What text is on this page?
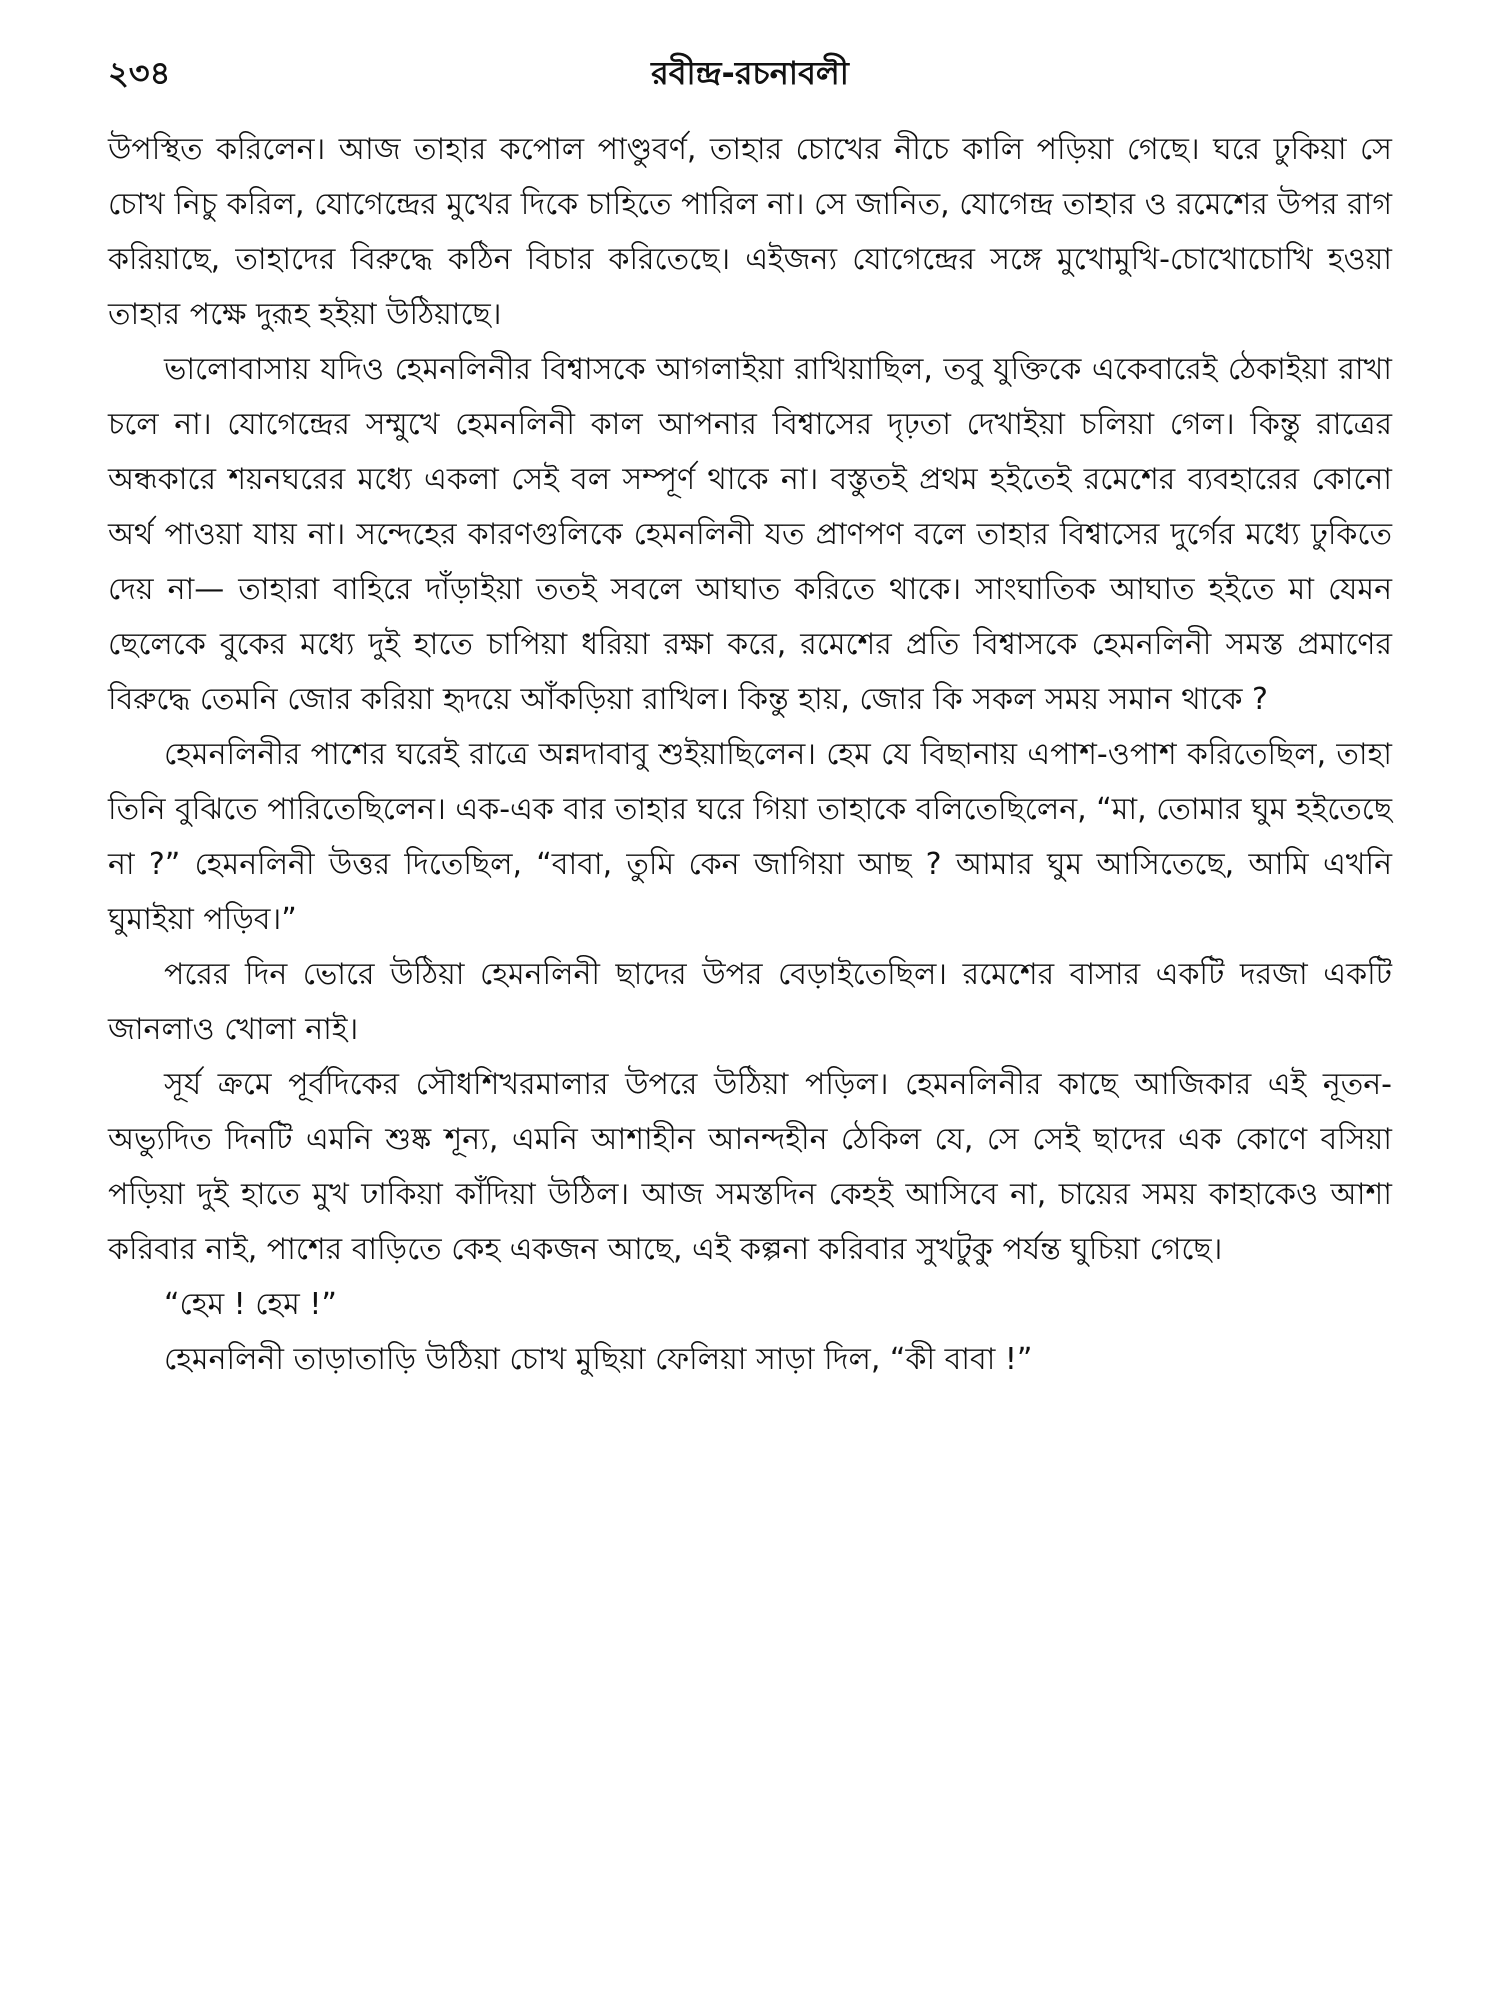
২৩৪	রবীন্দ্র-রচনাবলী

উপস্থিত করিলেন। আজ তাহার কপোল পাণ্ডুবর্ণ, তাহার চোখের নীচে কালি পড়িয়া গেছে। ঘরে ঢুকিয়া সে চোখ নিচু করিল, যোগেন্দ্রের মুখের দিকে চাহিতে পারিল না। সে জানিত, যোগেন্দ্র তাহার ও রমেশের উপর রাগ করিয়াছে, তাহাদের বিরুদ্ধে কঠিন বিচার করিতেছে। এইজন্য যোগেন্দ্রের সঙ্গে মুখোমুখি-চোখোচোখি হওয়া তাহার পক্ষে দুরূহ হইয়া উঠিয়াছে।

ভালোবাসায় যদিও হেমনলিনীর বিশ্বাসকে আগলাইয়া রাখিয়াছিল, তবু যুক্তিকে একেবারেই ঠেকাইয়া রাখা চলে না। যোগেন্দ্রের সম্মুখে হেমনলিনী কাল আপনার বিশ্বাসের দৃঢ়তা দেখাইয়া চলিয়া গেল। কিন্তু রাত্রের অন্ধকারে শয়নঘরের মধ্যে একলা সেই বল সম্পূর্ণ থাকে না। বস্তুতই প্রথম হইতেই রমেশের ব্যবহারের কোনো অর্থ পাওয়া যায় না। সন্দেহের কারণগুলিকে হেমনলিনী যত প্রাণপণ বলে তাহার বিশ্বাসের দুর্গের মধ্যে ঢুকিতে দেয় না— তাহারা বাহিরে দাঁড়াইয়া ততই সবলে আঘাত করিতে থাকে। সাংঘাতিক আঘাত হইতে মা যেমন ছেলেকে বুকের মধ্যে দুই হাতে চাপিয়া ধরিয়া রক্ষা করে, রমেশের প্রতি বিশ্বাসকে হেমনলিনী সমস্ত প্রমাণের বিরুদ্ধে তেমনি জোর করিয়া হৃদয়ে আঁকড়িয়া রাখিল। কিন্তু হায়, জোর কি সকল সময় সমান থাকে ?

হেমনলিনীর পাশের ঘরেই রাত্রে অন্নদাবাবু শুইয়াছিলেন। হেম যে বিছানায় এপাশ-ওপাশ করিতেছিল, তাহা তিনি বুঝিতে পারিতেছিলেন। এক-এক বার তাহার ঘরে গিয়া তাহাকে বলিতেছিলেন, “মা, তোমার ঘুম হইতেছে না ?” হেমনলিনী উত্তর দিতেছিল, “বাবা, তুমি কেন জাগিয়া আছ ? আমার ঘুম আসিতেছে, আমি এখনি ঘুমাইয়া পড়িব।”

পরের দিন ভোরে উঠিয়া হেমনলিনী ছাদের উপর বেড়াইতেছিল। রমেশের বাসার একটি দরজা একটি জানলাও খোলা নাই।

সূর্য ক্রমে পূর্বদিকের সৌধশিখরমালার উপরে উঠিয়া পড়িল। হেমনলিনীর কাছে আজিকার এই নূতন-অভ্যুদিত দিনটি এমনি শুষ্ক শূন্য, এমনি আশাহীন আনন্দহীন ঠেকিল যে, সে সেই ছাদের এক কোণে বসিয়া পড়িয়া দুই হাতে মুখ ঢাকিয়া কাঁদিয়া উঠিল। আজ সমস্তদিন কেহই আসিবে না, চায়ের সময় কাহাকেও আশা করিবার নাই, পাশের বাড়িতে কেহ একজন আছে, এই কল্পনা করিবার সুখটুকু পর্যন্ত ঘুচিয়া গেছে।

“হেম ! হেম !”

হেমনলিনী তাড়াতাড়ি উঠিয়া চোখ মুছিয়া ফেলিয়া সাড়া দিল, “কী বাবা !”
